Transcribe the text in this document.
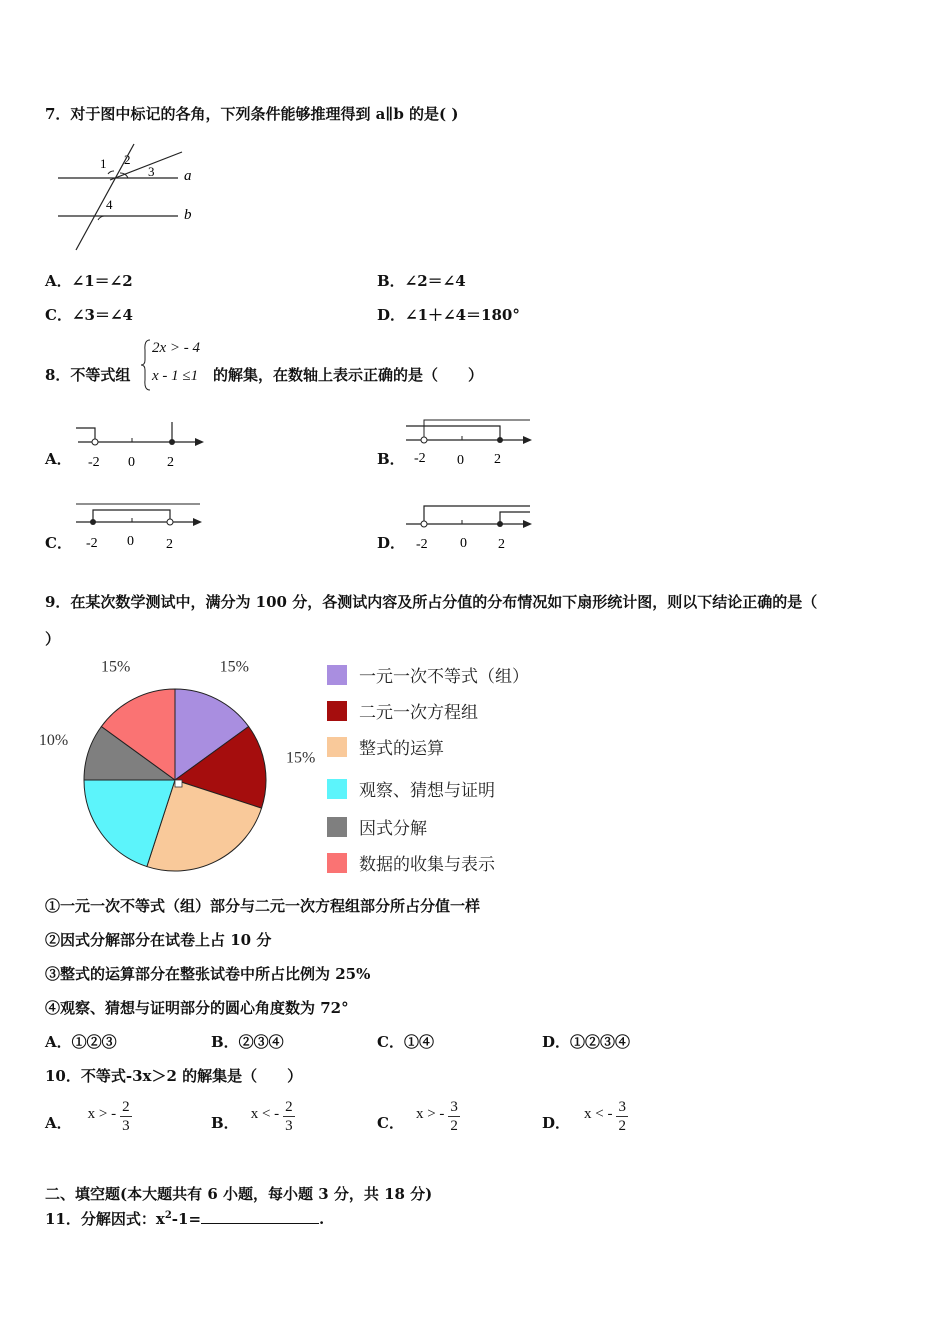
7．对于图中标记的各角，下列条件能够推理得到 a∥b 的是( )
1 2
3
4
a
b
A．∠1＝∠2	B．∠2＝∠4
C．∠3＝∠4	D．∠1＋∠4＝180°
8．不等式组
2x > - 4
x - 1 ≤1 的解集，在数轴上表示正确的是（　　）
A． -2 0 2	B． -2 0 2
C． -2 0 2	D． -2 0 2
9．在某次数学测试中，满分为 100 分，各测试内容及所占分值的分布情况如下扇形统计图，则以下结论正确的是（
）
15%
15%
10%
15%
一元一次不等式（组）
二元一次方程组
整式的运算
观察、猜想与证明
因式分解
数据的收集与表示
①一元一次不等式（组）部分与二元一次方程组部分所占分值一样
②因式分解部分在试卷上占 10 分
③整式的运算部分在整张试卷中所占比例为 25%
④观察、猜想与证明部分的圆心角度数为 72°
A．①②③	B．②③④	C．①④	D．①②③④
10．不等式-3x＞2 的解集是（　　）
A． x > - $\frac{2}{3}$	B． x < - $\frac{2}{3}$	C． x > - $\frac{3}{2}$	D． x < - $\frac{3}{2}$
二、填空题(本大题共有 6 小题，每小题 3 分，共 18 分)
11．分解因式：$x^2-1=$	.
